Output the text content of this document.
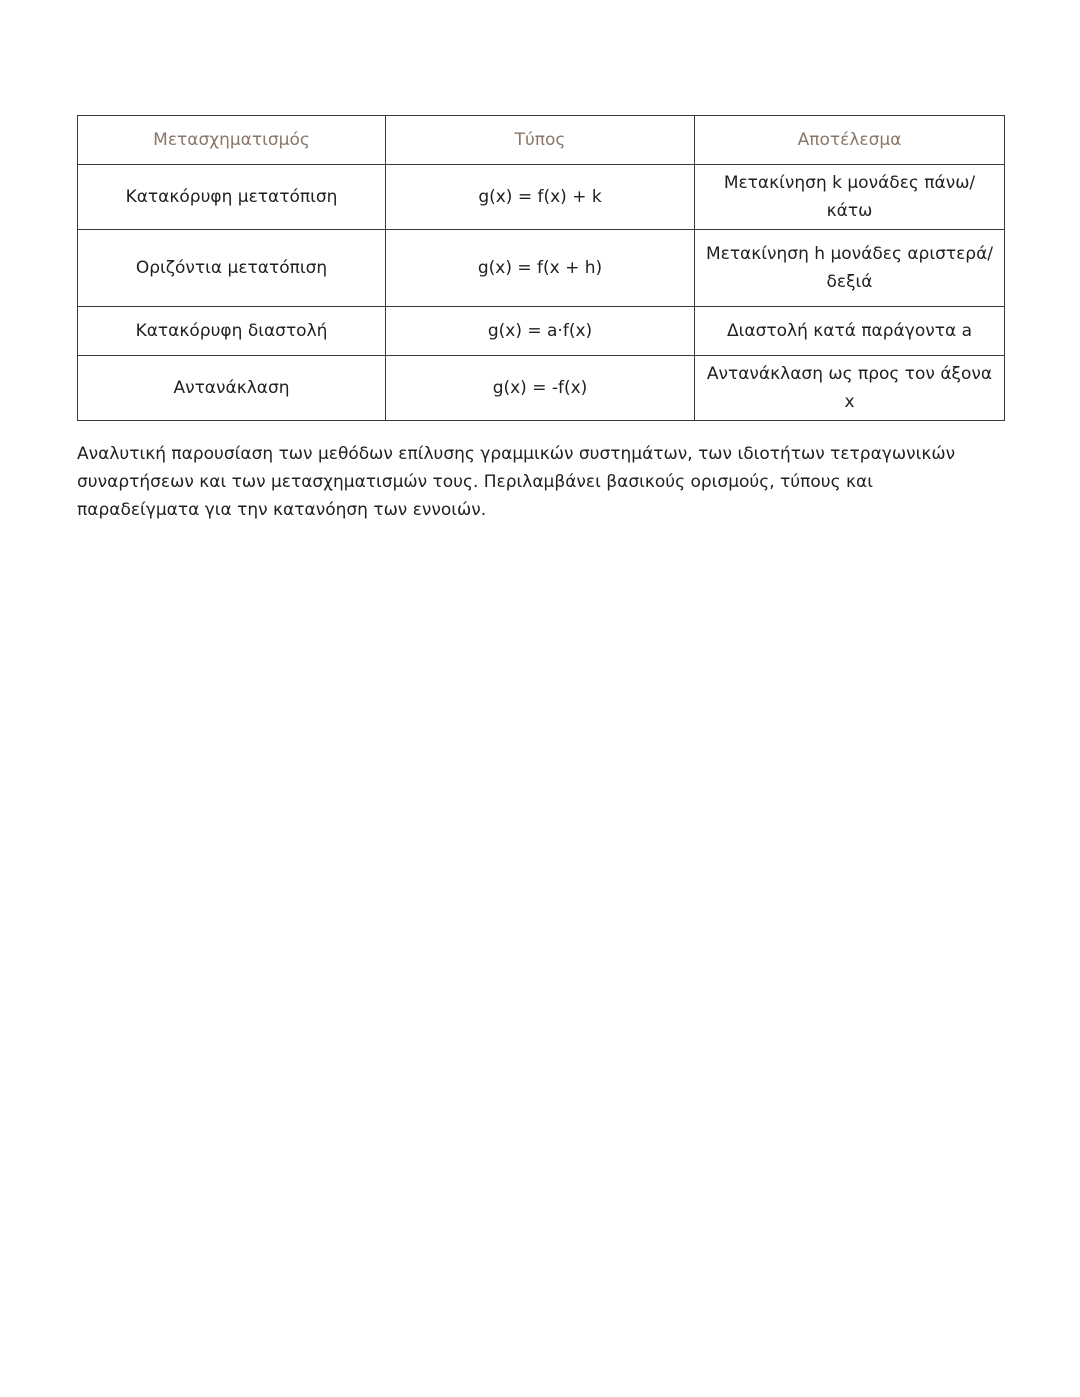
Μετασχηματισμός	Τύπος	Αποτέλεσμα
Κατακόρυφη μετατόπιση	g(x) = f(x) + k	Μετακίνηση k μονάδες πάνω/κάτω
Οριζόντια μετατόπιση	g(x) = f(x + h)	Μετακίνηση h μονάδες αριστερά/δεξιά
Κατακόρυφη διαστολή	g(x) = a·f(x)	Διαστολή κατά παράγοντα a
Αντανάκλαση	g(x) = -f(x)	Αντανάκλαση ως προς τον άξονα x

Αναλυτική παρουσίαση των μεθόδων επίλυσης γραμμικών συστημάτων, των ιδιοτήτων τετραγωνικών συναρτήσεων και των μετασχηματισμών τους. Περιλαμβάνει βασικούς ορισμούς, τύπους και παραδείγματα για την κατανόηση των εννοιών.
